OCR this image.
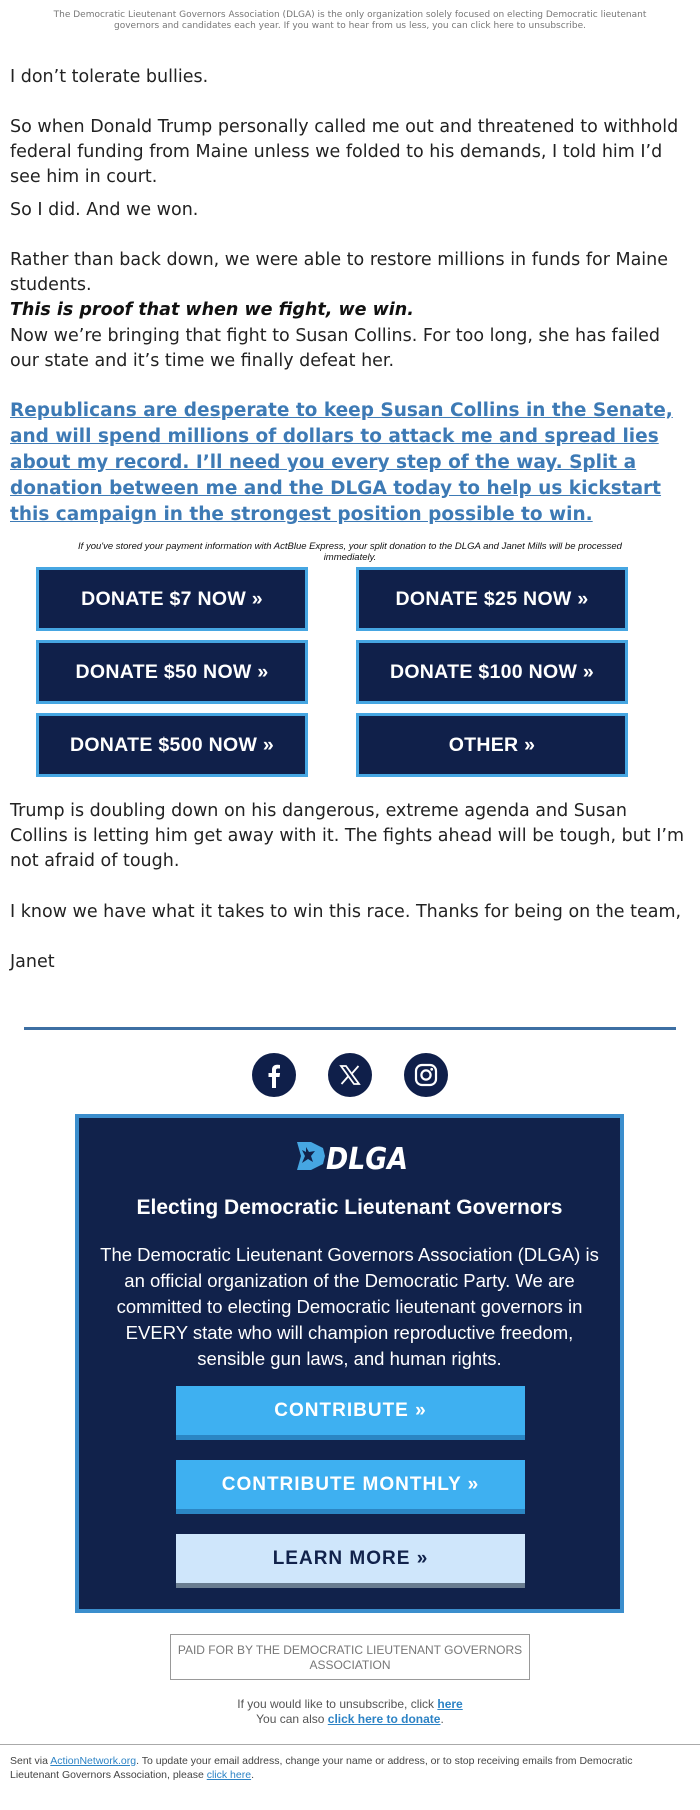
The Democratic Lieutenant Governors Association (DLGA) is the only organization solely focused on electing Democratic lieutenant governors and candidates each year. If you want to hear from us less, you can click here to unsubscribe.

I don’t tolerate bullies.

So when Donald Trump personally called me out and threatened to withhold federal funding from Maine unless we folded to his demands, I told him I’d see him in court.

So I did. And we won.

Rather than back down, we were able to restore millions in funds for Maine students.

This is proof that when we fight, we win.

Now we’re bringing that fight to Susan Collins. For too long, she has failed our state and it’s time we finally defeat her.

Republicans are desperate to keep Susan Collins in the Senate, and will spend millions of dollars to attack me and spread lies about my record. I’ll need you every step of the way. Split a donation between me and the DLGA today to help us kickstart this campaign in the strongest position possible to win.
If you've stored your payment information with ActBlue Express, your split donation to the DLGA and Janet Mills will be processed immediately.
DONATE $7 NOW »	DONATE $25 NOW »
DONATE $50 NOW »	DONATE $100 NOW »
DONATE $500 NOW »	OTHER »

Trump is doubling down on his dangerous, extreme agenda and Susan Collins is letting him get away with it. The fights ahead will be tough, but I’m not afraid of tough.

I know we have what it takes to win this race. Thanks for being on the team,

Janet

DLGA
Electing Democratic Lieutenant Governors
The Democratic Lieutenant Governors Association (DLGA) is an official organization of the Democratic Party. We are committed to electing Democratic lieutenant governors in EVERY state who will champion reproductive freedom, sensible gun laws, and human rights.
CONTRIBUTE »
CONTRIBUTE MONTHLY »
LEARN MORE »
PAID FOR BY THE DEMOCRATIC LIEUTENANT GOVERNORS ASSOCIATION
If you would like to unsubscribe, click here
You can also click here to donate.
Sent via ActionNetwork.org. To update your email address, change your name or address, or to stop receiving emails from Democratic Lieutenant Governors Association, please click here.
